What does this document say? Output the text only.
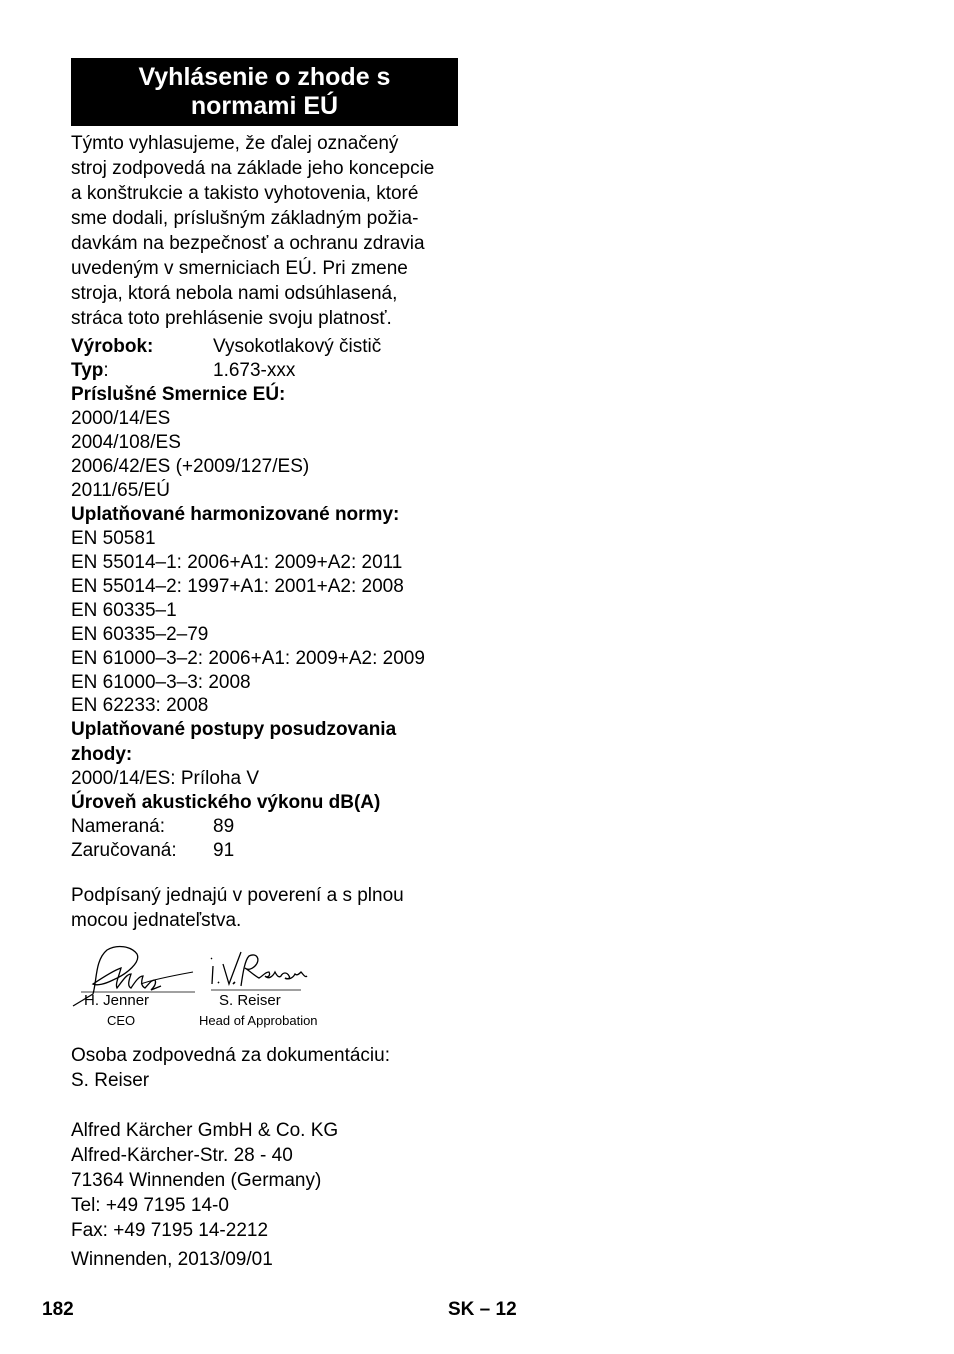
Vyhlásenie o zhode s
normami EÚ

Týmto vyhlasujeme, že ďalej označený

stroj zodpovedá na základe jeho koncepcie

a konštrukcie a takisto vyhotovenia, ktoré

sme dodali, príslušným základným požia-

davkám na bezpečnosť a ochranu zdravia

uvedeným v smerniciach EÚ. Pri zmene

stroja, ktorá nebola nami odsúhlasená,

stráca toto prehlásenie svoju platnosť.

Výrobok:	Vysokotlakový čistič
Typ:	1.673-xxx
Príslušné Smernice EÚ:
2000/14/ES
2004/108/ES
2006/42/ES (+2009/127/ES)
2011/65/EÚ
Uplatňované harmonizované normy:
EN 50581
EN 55014–1: 2006+A1: 2009+A2: 2011
EN 55014–2: 1997+A1: 2001+A2: 2008
EN 60335–1
EN 60335–2–79
EN 61000–3–2: 2006+A1: 2009+A2: 2009
EN 61000–3–3: 2008
EN 62233: 2008
Uplatňované postupy posudzovania
zhody:
2000/14/ES: Príloha V
Úroveň akustického výkonu dB(A)
Nameraná:	89
Zaručovaná: 91
Podpísaný jednajú v poverení a s plnou
mocou jednateľstva.
H. Jenner	S. Reiser
CEO	Head of Approbation
Osoba zodpovedná za dokumentáciu:
S. Reiser
Alfred Kärcher GmbH & Co. KG
Alfred-Kärcher-Str. 28 - 40
71364 Winnenden (Germany)
Tel: +49 7195 14-0
Fax: +49 7195 14-2212
Winnenden, 2013/09/01
182	SK – 12
